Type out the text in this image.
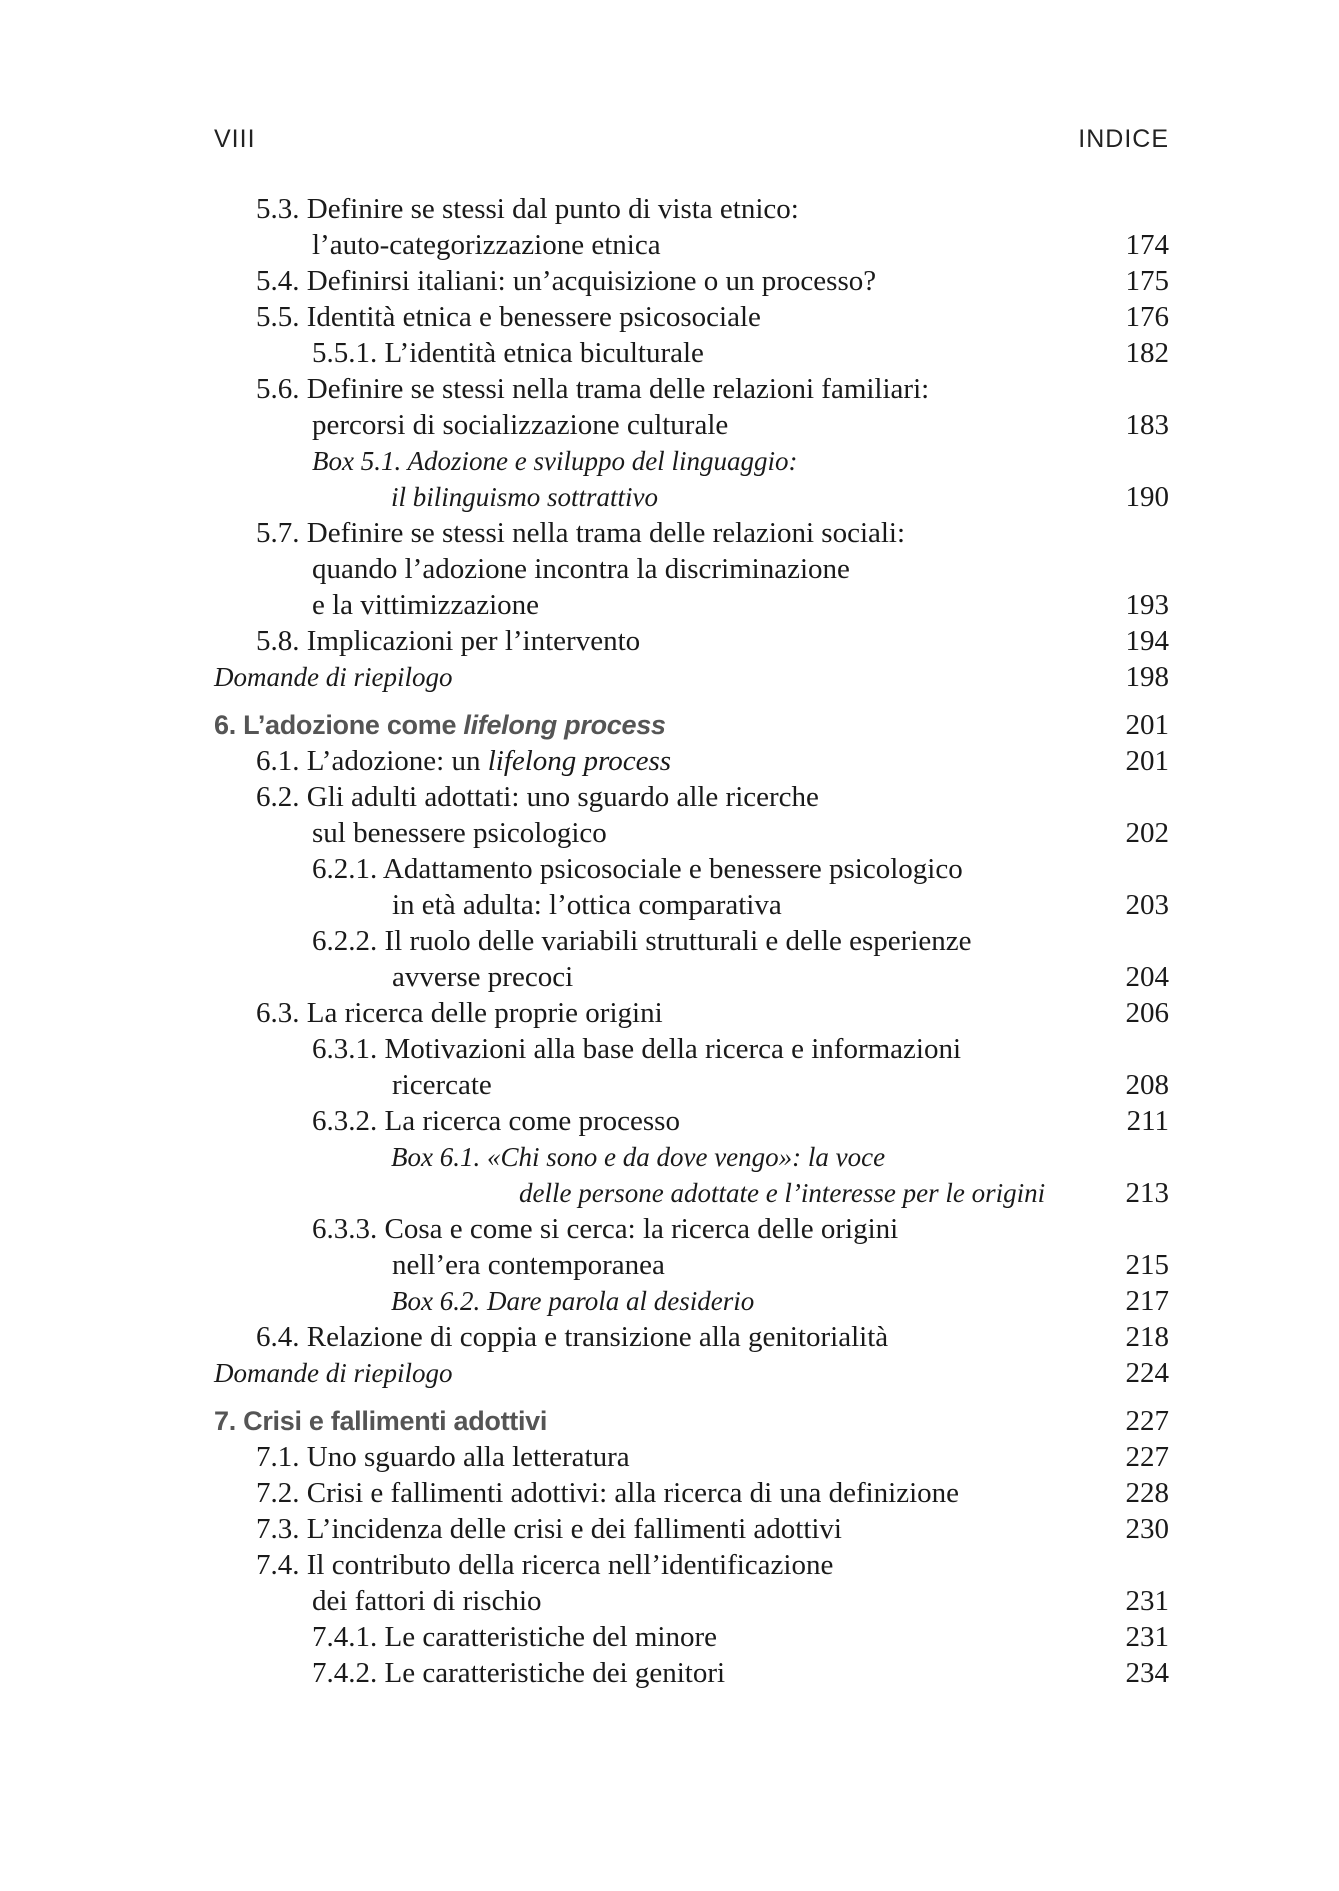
VIII	INDICE
5.3. Definire se stessi dal punto di vista etnico:
l’auto-categorizzazione etnica	174
5.4. Definirsi italiani: un’acquisizione o un processo?	175
5.5. Identità etnica e benessere psicosociale	176
5.5.1. L’identità etnica biculturale	182
5.6. Definire se stessi nella trama delle relazioni familiari:
percorsi di socializzazione culturale	183
Box 5.1. Adozione e sviluppo del linguaggio:
il bilinguismo sottrattivo	190
5.7. Definire se stessi nella trama delle relazioni sociali:
quando l’adozione incontra la discriminazione
e la vittimizzazione	193
5.8. Implicazioni per l’intervento	194
Domande di riepilogo	198
6. L’adozione come lifelong process	201
6.1. L’adozione: un lifelong process	201
6.2. Gli adulti adottati: uno sguardo alle ricerche
sul benessere psicologico	202
6.2.1. Adattamento psicosociale e benessere psicologico
in età adulta: l’ottica comparativa	203
6.2.2. Il ruolo delle variabili strutturali e delle esperienze
avverse precoci	204
6.3. La ricerca delle proprie origini	206
6.3.1. Motivazioni alla base della ricerca e informazioni
ricercate	208
6.3.2. La ricerca come processo	211
Box 6.1. «Chi sono e da dove vengo»: la voce
delle persone adottate e l’interesse per le origini	213
6.3.3. Cosa e come si cerca: la ricerca delle origini
nell’era contemporanea	215
Box 6.2. Dare parola al desiderio	217
6.4. Relazione di coppia e transizione alla genitorialità	218
Domande di riepilogo	224
7. Crisi e fallimenti adottivi	227
7.1. Uno sguardo alla letteratura	227
7.2. Crisi e fallimenti adottivi: alla ricerca di una definizione	228
7.3. L’incidenza delle crisi e dei fallimenti adottivi	230
7.4. Il contributo della ricerca nell’identificazione
dei fattori di rischio	231
7.4.1. Le caratteristiche del minore	231
7.4.2. Le caratteristiche dei genitori	234
